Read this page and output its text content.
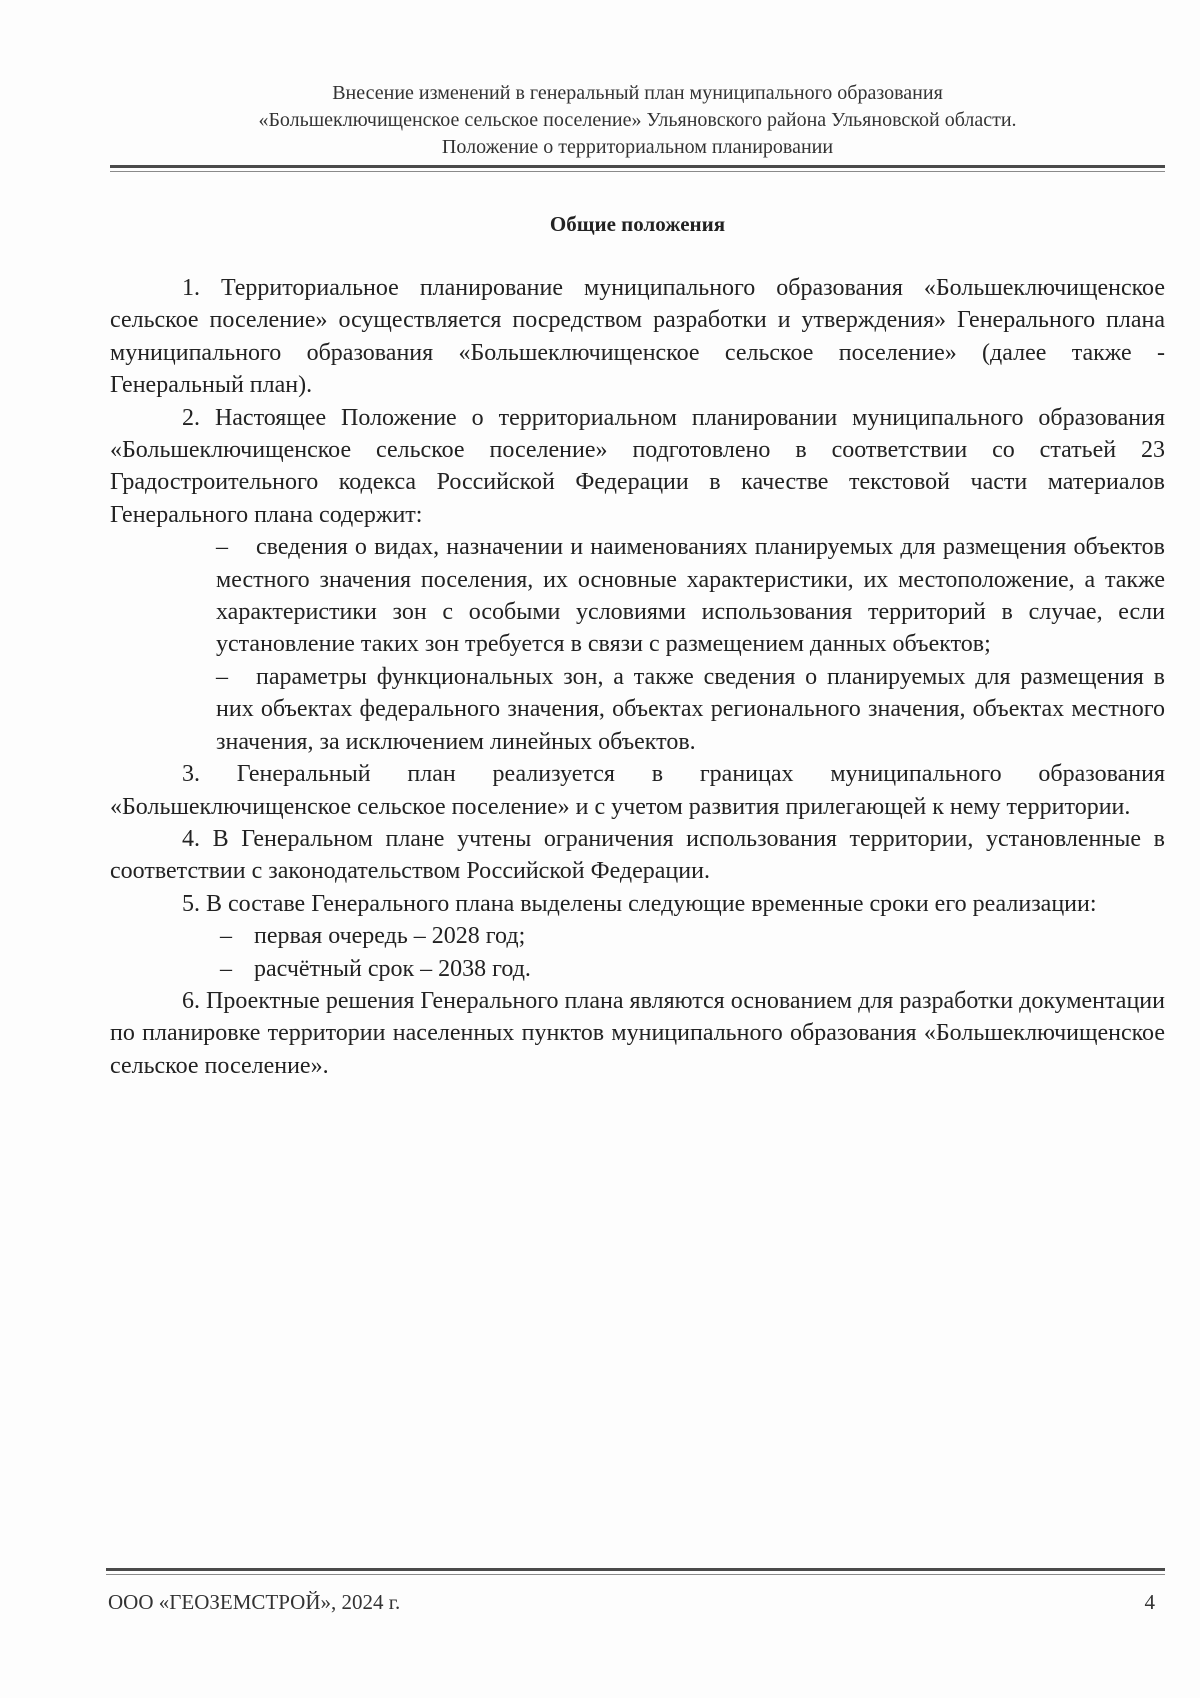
Внесение изменений в генеральный план муниципального образования
«Большеключищенское сельское поселение» Ульяновского района Ульяновской области.
Положение о территориальном планировании
Общие положения

1. Территориальное планирование муниципального образования «Большеключищенское сельское поселение» осуществляется посредством разработки и утверждения» Генерального плана муниципального образования «Большеключищенское сельское поселение» (далее также - Генеральный план).

2. Настоящее Положение о территориальном планировании муниципального образования «Большеключищенское сельское поселение» подготовлено в соответствии со статьей 23 Градостроительного кодекса Российской Федерации в качестве текстовой части материалов Генерального плана содержит:

– сведения о видах, назначении и наименованиях планируемых для размещения объектов местного значения поселения, их основные характеристики, их местоположение, а также характеристики зон с особыми условиями использования территорий в случае, если установление таких зон требуется в связи с размещением данных объектов;
– параметры функциональных зон, а также сведения о планируемых для размещения в них объектах федерального значения, объектах регионального значения, объектах местного значения, за исключением линейных объектов.

3. Генеральный план реализуется в границах муниципального образования «Большеключищенское сельское поселение» и с учетом развития прилегающей к нему территории.

4. В Генеральном плане учтены ограничения использования территории, установленные в соответствии с законодательством Российской Федерации.

5. В составе Генерального плана выделены следующие временные сроки его реализации:

– первая очередь – 2028 год;
– расчётный срок – 2038 год.

6. Проектные решения Генерального плана являются основанием для разработки документации по планировке территории населенных пунктов муниципального образования «Большеключищенское сельское поселение».

ООО «ГЕОЗЕМСТРОЙ», 2024 г.	4
